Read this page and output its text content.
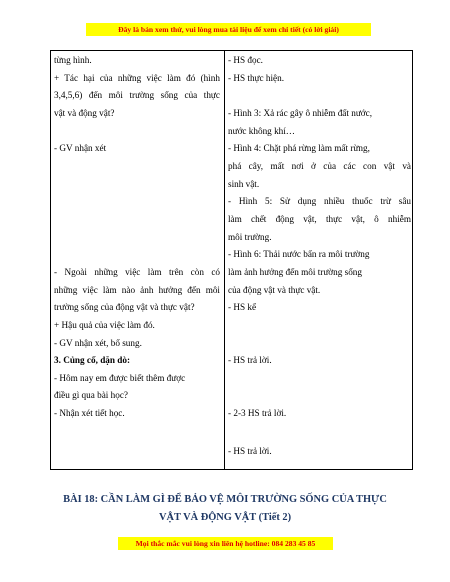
Đây là bản xem thử, vui lòng mua tài liệu để xem chi tiết (có lời giải)
từng hình.
+ Tác hại của những việc làm đó (hình
3,4,5,6) đến môi trường sống của thực
vật và động vật?
- GV nhận xét
- Ngoài những việc làm trên còn có
những việc làm nào ảnh hưởng đến môi
trường sống của động vật và thực vật?
+ Hậu quả của việc làm đó.
- GV nhận xét, bổ sung.
3. Củng cố, dặn dò:
- Hôm nay em được biết thêm được
điều gì qua bài học?
- Nhận xét tiết học.
- HS đọc.
- HS thực hiện.
- Hình 3: Xả rác gây ô nhiễm đất nước,
nước không khí…
- Hình 4: Chặt phá rừng làm mất rừng,
phá cây, mất nơi ở của các con vật và
sinh vật.
- Hình 5: Sử dụng nhiều thuốc trừ sâu
làm chết động vật, thực vật, ô nhiễm
môi trường.
- Hình 6: Thải nước bẩn ra môi trường
làm ảnh hưởng đến môi trường sống
của động vật và thực vật.
- HS kể
- HS trả lời.
- 2-3 HS trả lời.
- HS trả lời.
BÀI 18: CẦN LÀM GÌ ĐỂ BẢO VỆ MÔI TRƯỜNG SỐNG CỦA THỰC
VẬT VÀ ĐỘNG VẬT (Tiết 2)
Mọi thắc mắc vui lòng xin liên hệ hotline: 084 283 45 85
